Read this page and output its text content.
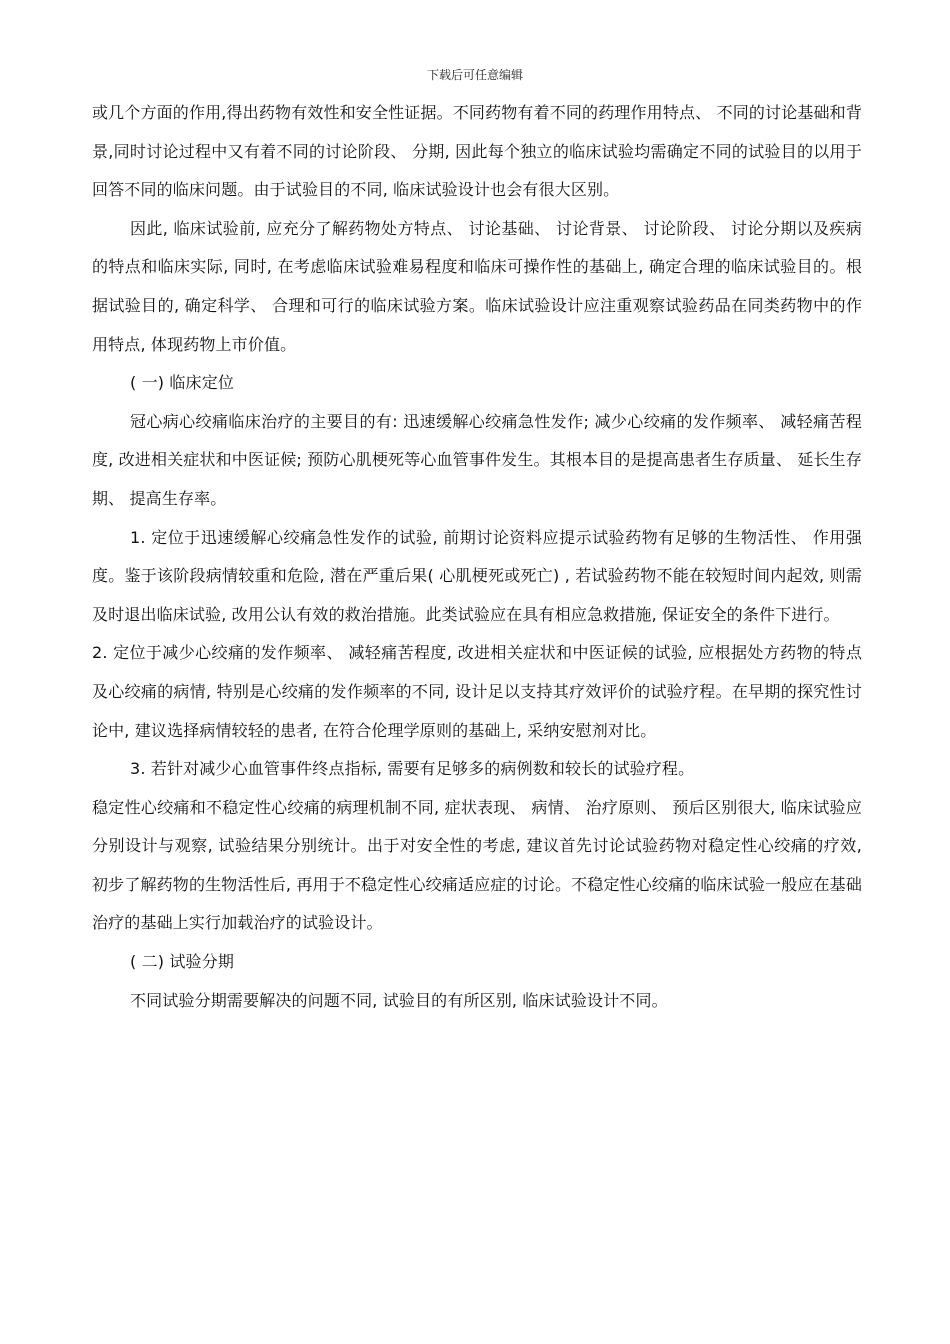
下载后可任意编辑

或几个方面的作用,得出药物有效性和安全性证据。不同药物有着不同的药理作用特点、 不同的讨论基础和背景,同时讨论过程中又有着不同的讨论阶段、 分期, 因此每个独立的临床试验均需确定不同的试验目的以用于回答不同的临床问题。由于试验目的不同, 临床试验设计也会有很大区别。

因此, 临床试验前, 应充分了解药物处方特点、 讨论基础、 讨论背景、 讨论阶段、 讨论分期以及疾病的特点和临床实际, 同时, 在考虑临床试验难易程度和临床可操作性的基础上, 确定合理的临床试验目的。根据试验目的, 确定科学、 合理和可行的临床试验方案。临床试验设计应注重观察试验药品在同类药物中的作用特点, 体现药物上市价值。

( 一) 临床定位

冠心病心绞痛临床治疗的主要目的有: 迅速缓解心绞痛急性发作; 减少心绞痛的发作频率、 减轻痛苦程度, 改进相关症状和中医证候; 预防心肌梗死等心血管事件发生。其根本目的是提高患者生存质量、 延长生存期、 提高生存率。

1. 定位于迅速缓解心绞痛急性发作的试验, 前期讨论资料应提示试验药物有足够的生物活性、 作用强度。鉴于该阶段病情较重和危险, 潜在严重后果( 心肌梗死或死亡) , 若试验药物不能在较短时间内起效, 则需及时退出临床试验, 改用公认有效的救治措施。此类试验应在具有相应急救措施, 保证安全的条件下进行。

2. 定位于减少心绞痛的发作频率、 减轻痛苦程度, 改进相关症状和中医证候的试验, 应根据处方药物的特点及心绞痛的病情, 特别是心绞痛的发作频率的不同, 设计足以支持其疗效评价的试验疗程。在早期的探究性讨论中, 建议选择病情较轻的患者, 在符合伦理学原则的基础上, 采纳安慰剂对比。

3. 若针对减少心血管事件终点指标, 需要有足够多的病例数和较长的试验疗程。

稳定性心绞痛和不稳定性心绞痛的病理机制不同, 症状表现、 病情、 治疗原则、 预后区别很大, 临床试验应分别设计与观察, 试验结果分别统计。出于对安全性的考虑, 建议首先讨论试验药物对稳定性心绞痛的疗效, 初步了解药物的生物活性后, 再用于不稳定性心绞痛适应症的讨论。不稳定性心绞痛的临床试验一般应在基础治疗的基础上实行加载治疗的试验设计。

( 二) 试验分期

不同试验分期需要解决的问题不同, 试验目的有所区别, 临床试验设计不同。
